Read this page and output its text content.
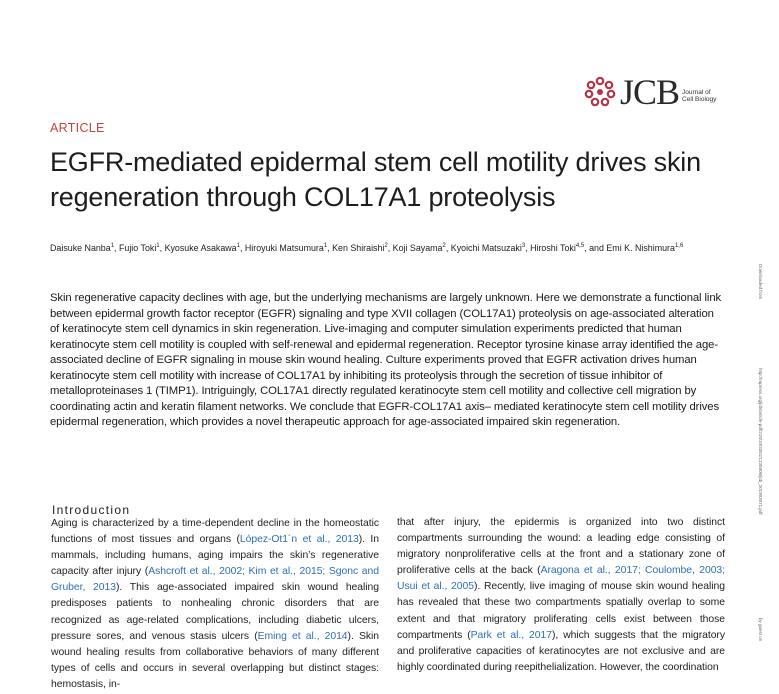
JCB Journal of
Cell Biology
ARTICLE
EGFR-mediated epidermal stem cell motility drives skin regeneration through COL17A1 proteolysis

Daisuke Nanba$^1$, Fujio Toki$^1$, Kyosuke Asakawa$^1$, Hiroyuki Matsumura$^1$, Ken Shiraishi$^2$, Koji Sayama$^2$, Kyoichi Matsuzaki$^3$, Hiroshi Toki$^{4,5}$, and Emi K. Nishimura$^{1,6}$

Skin regenerative capacity declines with age, but the underlying mechanisms are largely unknown. Here we demonstrate a functional link between epidermal growth factor receptor (EGFR) signaling and type XVII collagen (COL17A1) proteolysis on age-associated alteration of keratinocyte stem cell dynamics in skin regeneration. Live-imaging and computer simulation experiments predicted that human keratinocyte stem cell motility is coupled with self-renewal and epidermal regeneration. Receptor tyrosine kinase array identified the age-associated decline of EGFR signaling in mouse skin wound healing. Culture experiments proved that EGFR activation drives human keratinocyte stem cell motility with increase of COL17A1 by inhibiting its proteolysis through the secretion of tissue inhibitor of metalloproteinases 1 (TIMP1). Intriguingly, COL17A1 directly regulated keratinocyte stem cell motility and collective cell migration by coordinating actin and keratin filament networks. We conclude that EGFR-COL17A1 axis– mediated keratinocyte stem cell motility drives epidermal regeneration, which provides a novel therapeutic approach for age-associated impaired skin regeneration.

Introduction

Aging is characterized by a time-dependent decline in the homeostatic functions of most tissues and organs (López-Ot1´n et al., 2013). In mammals, including humans, aging impairs the skin’s regenerative capacity after injury (Ashcroft et al., 2002; Kim et al., 2015; Sgonc and Gruber, 2013). This age-associated impaired skin wound healing predisposes patients to nonhealing chronic disorders that are recognized as age-related complications, including diabetic ulcers, pressure sores, and venous stasis ulcers (Eming et al., 2014). Skin wound healing results from collaborative behaviors of many different types of cells and occurs in several overlapping but distinct stages: hemostasis, in-

that after injury, the epidermis is organized into two distinct compartments surrounding the wound: a leading edge consisting of migratory nonproliferative cells at the front and a stationary zone of proliferative cells at the back (Aragona et al., 2017; Coulombe, 2003; Usui et al., 2005). Recently, live imaging of mouse skin wound healing has revealed that these two compartments spatially overlap to some extent and that migratory proliferating cells exist between those compartments (Park et al., 2017), which suggests that the migratory and proliferative capacities of keratinocytes are not exclusive and are highly coordinated during reepithelialization. However, the coordination

Downloaded from
http://rupress.org/jcb/article-pdf/218/10/3351/1235000/jcb_201903071.pdf
by guest on
